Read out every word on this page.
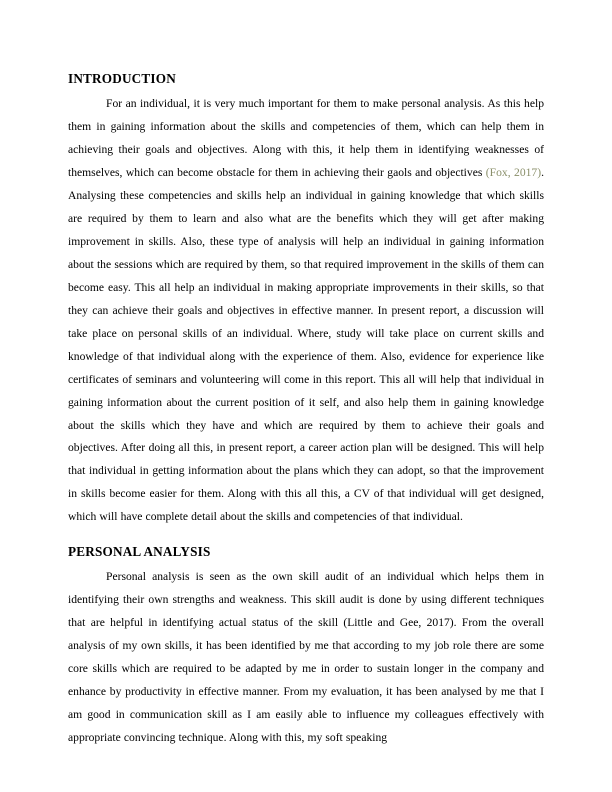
INTRODUCTION

For an individual, it is very much important for them to make personal analysis. As this help them in gaining information about the skills and competencies of them, which can help them in achieving their goals and objectives. Along with this, it help them in identifying weaknesses of themselves, which can become obstacle for them in achieving their gaols and objectives (Fox, 2017). Analysing these competencies and skills help an individual in gaining knowledge that which skills are required by them to learn and also what are the benefits which they will get after making improvement in skills. Also, these type of analysis will help an individual in gaining information about the sessions which are required by them, so that required improvement in the skills of them can become easy. This all help an individual in making appropriate improvements in their skills, so that they can achieve their goals and objectives in effective manner. In present report, a discussion will take place on personal skills of an individual. Where, study will take place on current skills and knowledge of that individual along with the experience of them. Also, evidence for experience like certificates of seminars and volunteering will come in this report. This all will help that individual in gaining information about the current position of it self, and also help them in gaining knowledge about the skills which they have and which are required by them to achieve their goals and objectives. After doing all this, in present report, a career action plan will be designed. This will help that individual in getting information about the plans which they can adopt, so that the improvement in skills become easier for them. Along with this all this, a CV of that individual will get designed, which will have complete detail about the skills and competencies of that individual.

PERSONAL ANALYSIS

Personal analysis is seen as the own skill audit of an individual which helps them in identifying their own strengths and weakness. This skill audit is done by using different techniques that are helpful in identifying actual status of the skill (Little and Gee, 2017). From the overall analysis of my own skills, it has been identified by me that according to my job role there are some core skills which are required to be adapted by me in order to sustain longer in the company and enhance by productivity in effective manner. From my evaluation, it has been analysed by me that I am good in communication skill as I am easily able to influence my colleagues effectively with appropriate convincing technique. Along with this, my soft speaking
